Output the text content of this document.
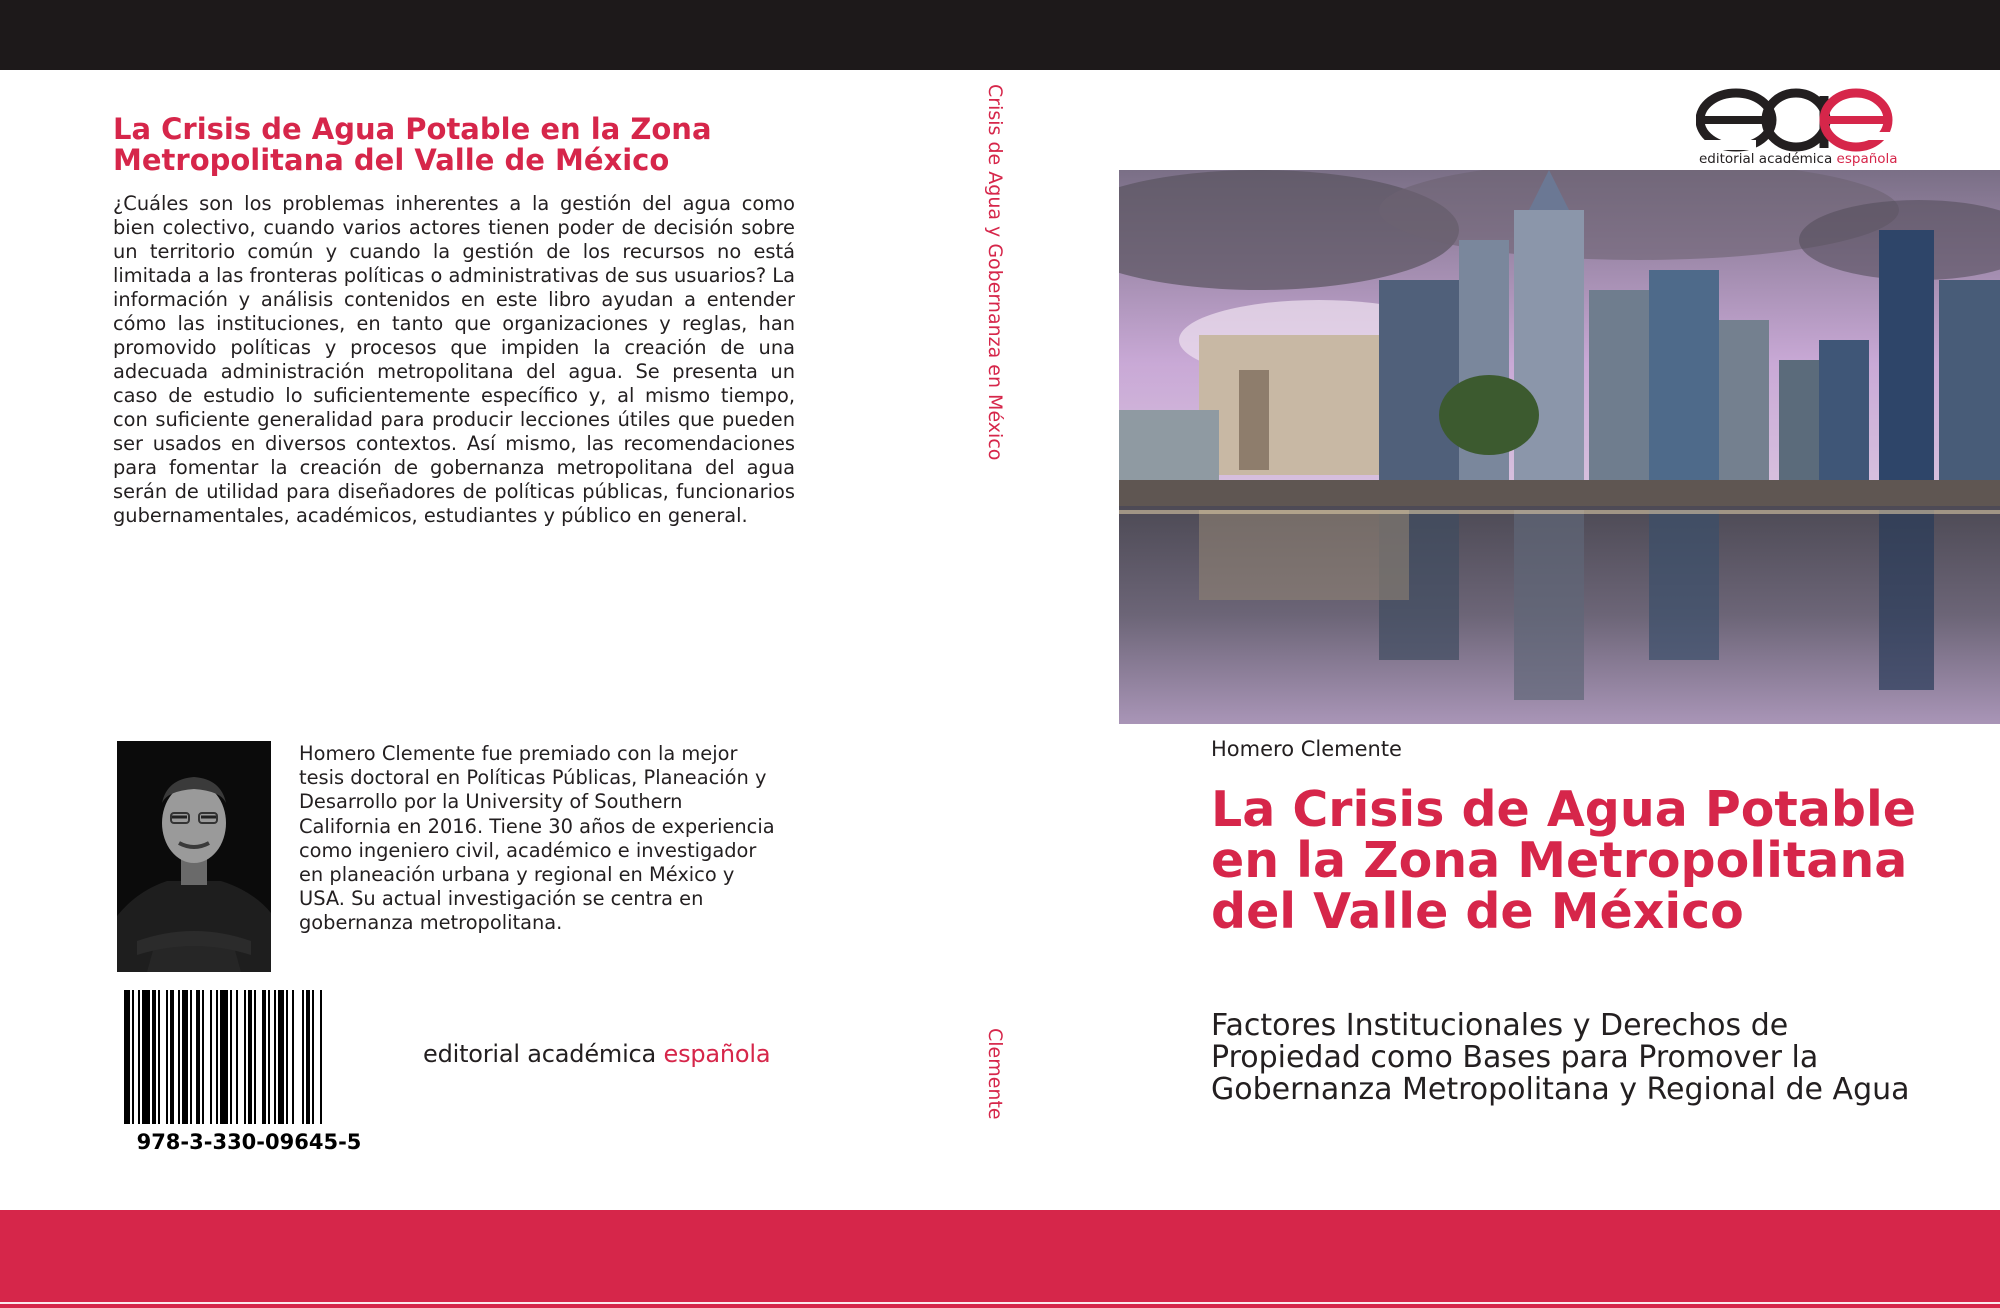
La Crisis de Agua Potable en la Zona Metropolitana del Valle de México

¿Cuáles son los problemas inherentes a la gestión del agua como bien colectivo, cuando varios actores tienen poder de decisión sobre un territorio común y cuando la gestión de los recursos no está limitada a las fronteras políticas o administrativas de sus usuarios? La información y análisis contenidos en este libro ayudan a entender cómo las instituciones, en tanto que organizaciones y reglas, han promovido políticas y procesos que impiden la creación de una adecuada administración metropolitana del agua. Se presenta un caso de estudio lo suficientemente específico y, al mismo tiempo, con suficiente generalidad para producir lecciones útiles que pueden ser usados en diversos contextos. Así mismo, las recomendaciones para fomentar la creación de gobernanza metropolitana del agua serán de utilidad para diseñadores de políticas públicas, funcionarios gubernamentales, académicos, estudiantes y público en general.

Homero Clemente fue premiado con la mejor tesis doctoral en Políticas Públicas, Planeación y Desarrollo por la University of Southern California en 2016. Tiene 30 años de experiencia como ingeniero civil, académico e investigador en planeación urbana y regional en México y USA. Su actual investigación se centra en gobernanza metropolitana.

978-3-330-09645-5
editorial académica española
Crisis de Agua y Gobernanza en México
Clemente
editorial académica española
Homero Clemente
La Crisis de Agua Potable en la Zona Metropolitana del Valle de México

Factores Institucionales y Derechos de Propiedad como Bases para Promover la Gobernanza Metropolitana y Regional de Agua
